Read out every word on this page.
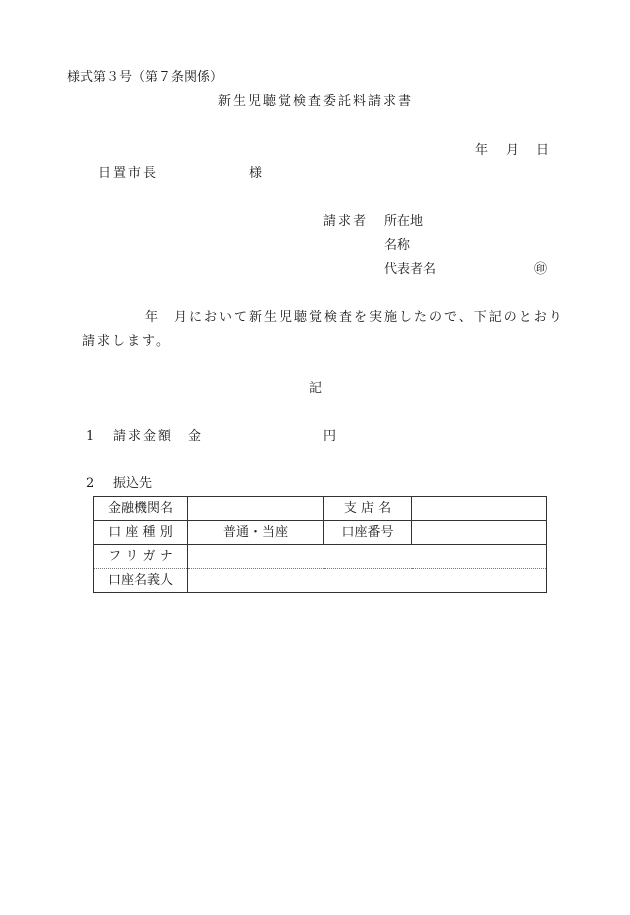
様式第３号（第７条関係）
新生児聴覚検査委託料請求書
年 月 日
日置市長	様
請求者 所在地
名称
代表者名	㊞
年 月において新生児聴覚検査を実施したので、下記のとおり
請求します。
記
1 請求金額 金	円
2 振込先
金融機関名		支 店 名	
口 座 種 別	普通・当座	口座番号	
フ リ ガ ナ			
口座名義人			
